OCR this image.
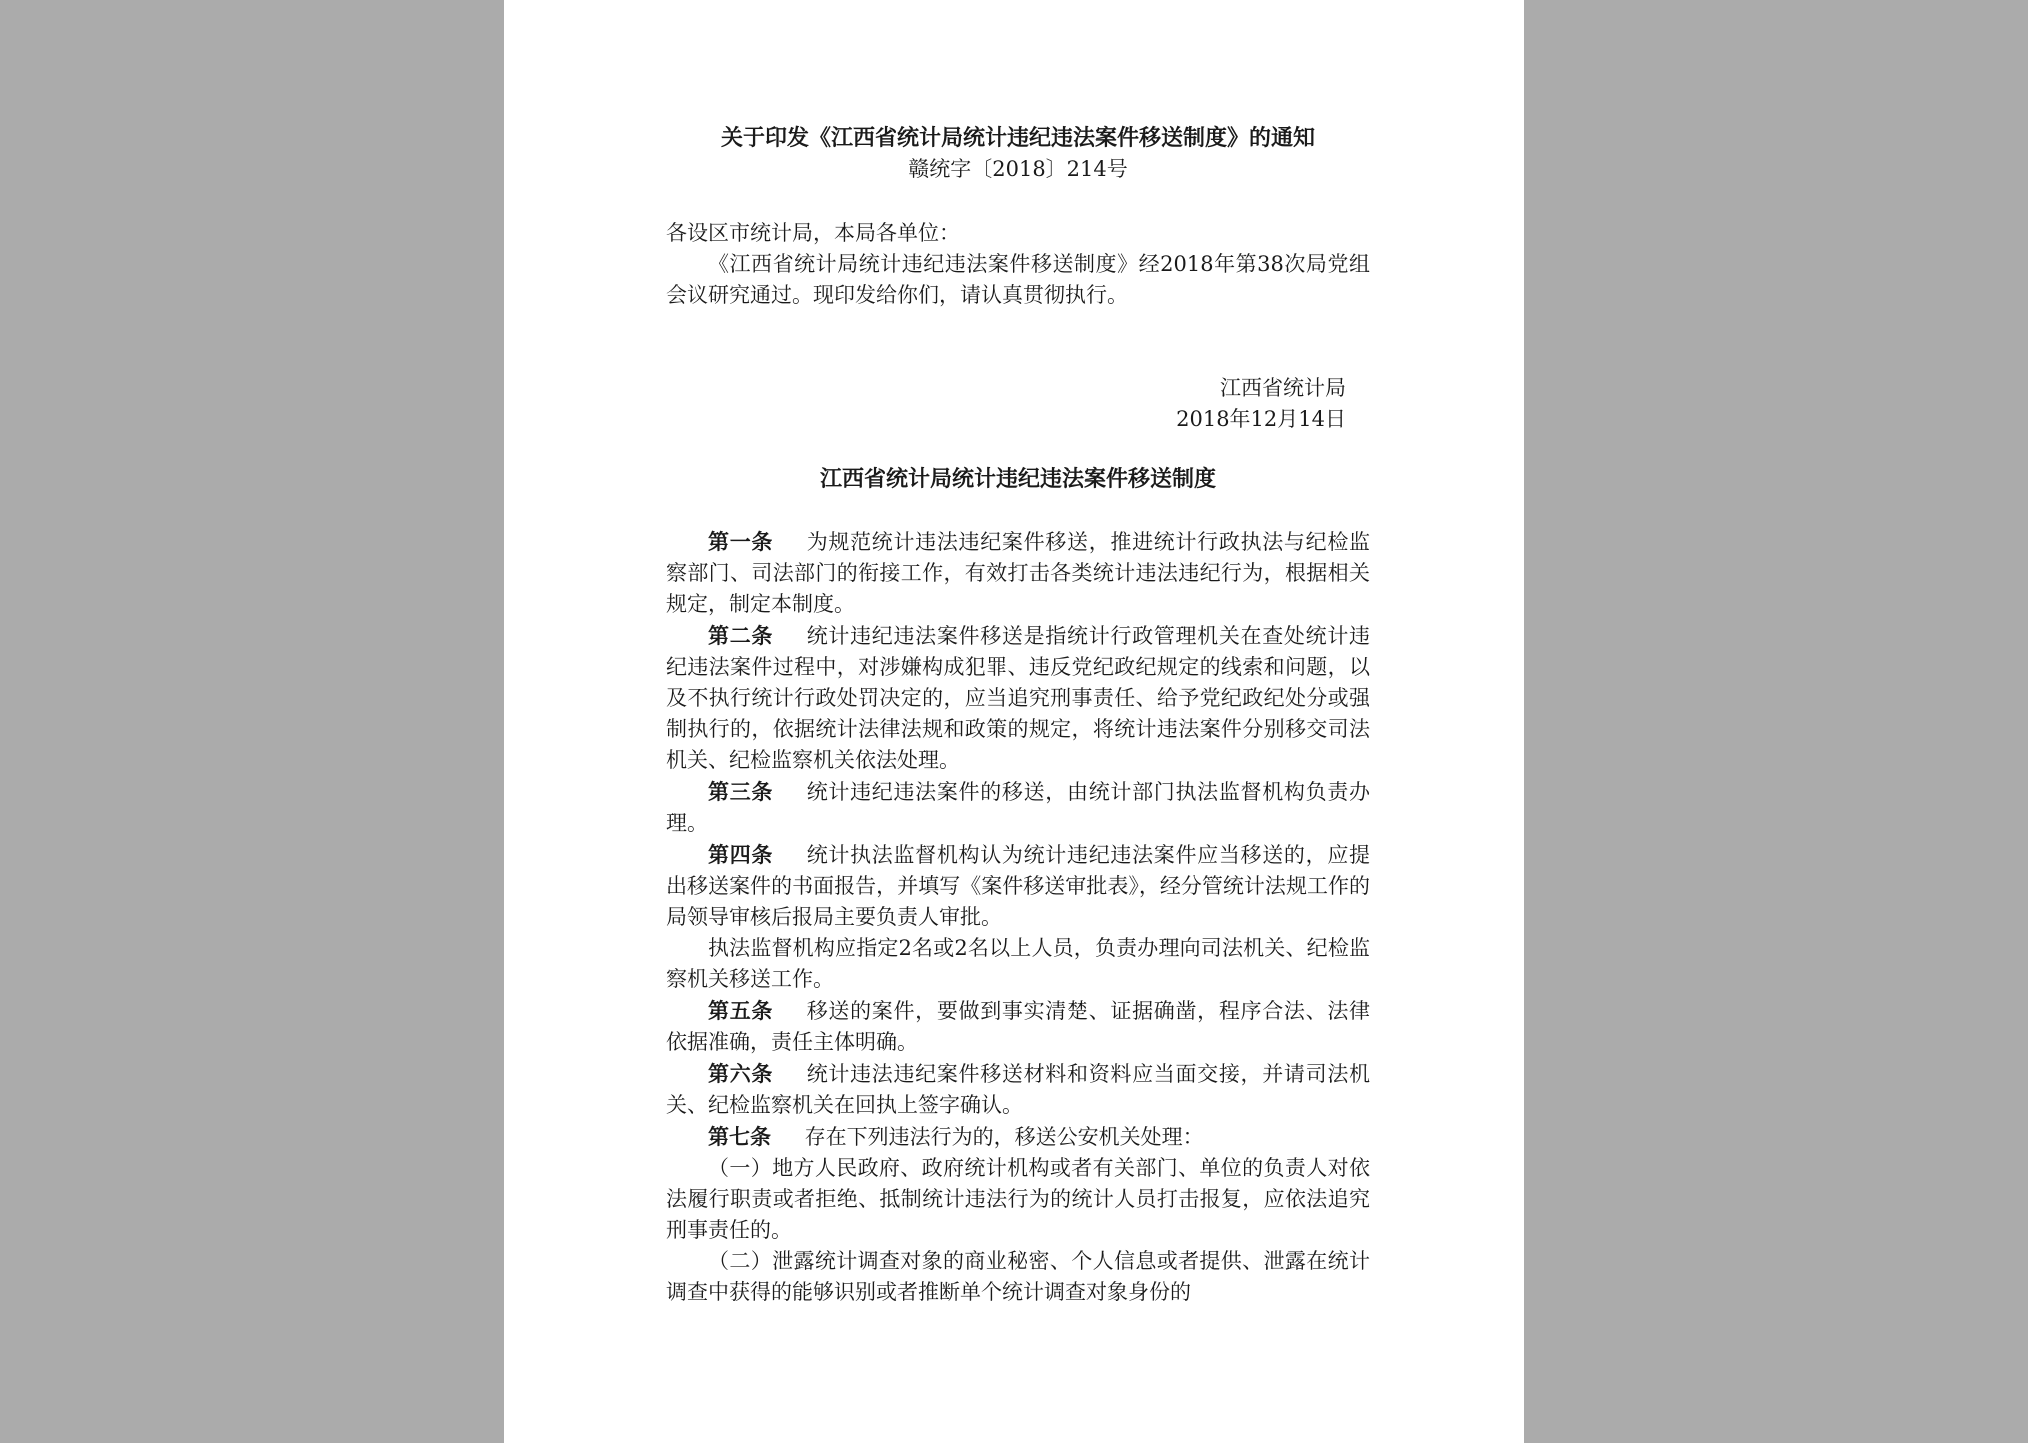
关于印发《江西省统计局统计违纪违法案件移送制度》的通知
赣统字〔2018〕214号
各设区市统计局，本局各单位：
《江西省统计局统计违纪违法案件移送制度》经2018年第38次局党组会议研究通过。现印发给你们，请认真贯彻执行。
江西省统计局
2018年12月14日
江西省统计局统计违纪违法案件移送制度

第一条 为规范统计违法违纪案件移送，推进统计行政执法与纪检监察部门、司法部门的衔接工作，有效打击各类统计违法违纪行为，根据相关规定，制定本制度。

第二条 统计违纪违法案件移送是指统计行政管理机关在查处统计违纪违法案件过程中，对涉嫌构成犯罪、违反党纪政纪规定的线索和问题，以及不执行统计行政处罚决定的，应当追究刑事责任、给予党纪政纪处分或强制执行的，依据统计法律法规和政策的规定，将统计违法案件分别移交司法机关、纪检监察机关依法处理。

第三条 统计违纪违法案件的移送，由统计部门执法监督机构负责办理。

第四条 统计执法监督机构认为统计违纪违法案件应当移送的，应提出移送案件的书面报告，并填写《案件移送审批表》，经分管统计法规工作的局领导审核后报局主要负责人审批。

执法监督机构应指定2名或2名以上人员，负责办理向司法机关、纪检监察机关移送工作。

第五条 移送的案件，要做到事实清楚、证据确凿，程序合法、法律依据准确，责任主体明确。

第六条 统计违法违纪案件移送材料和资料应当面交接，并请司法机关、纪检监察机关在回执上签字确认。

第七条 存在下列违法行为的，移送公安机关处理：

（一）地方人民政府、政府统计机构或者有关部门、单位的负责人对依法履行职责或者拒绝、抵制统计违法行为的统计人员打击报复，应依法追究刑事责任的。

（二）泄露统计调查对象的商业秘密、个人信息或者提供、泄露在统计调查中获得的能够识别或者推断单个统计调查对象身份的
